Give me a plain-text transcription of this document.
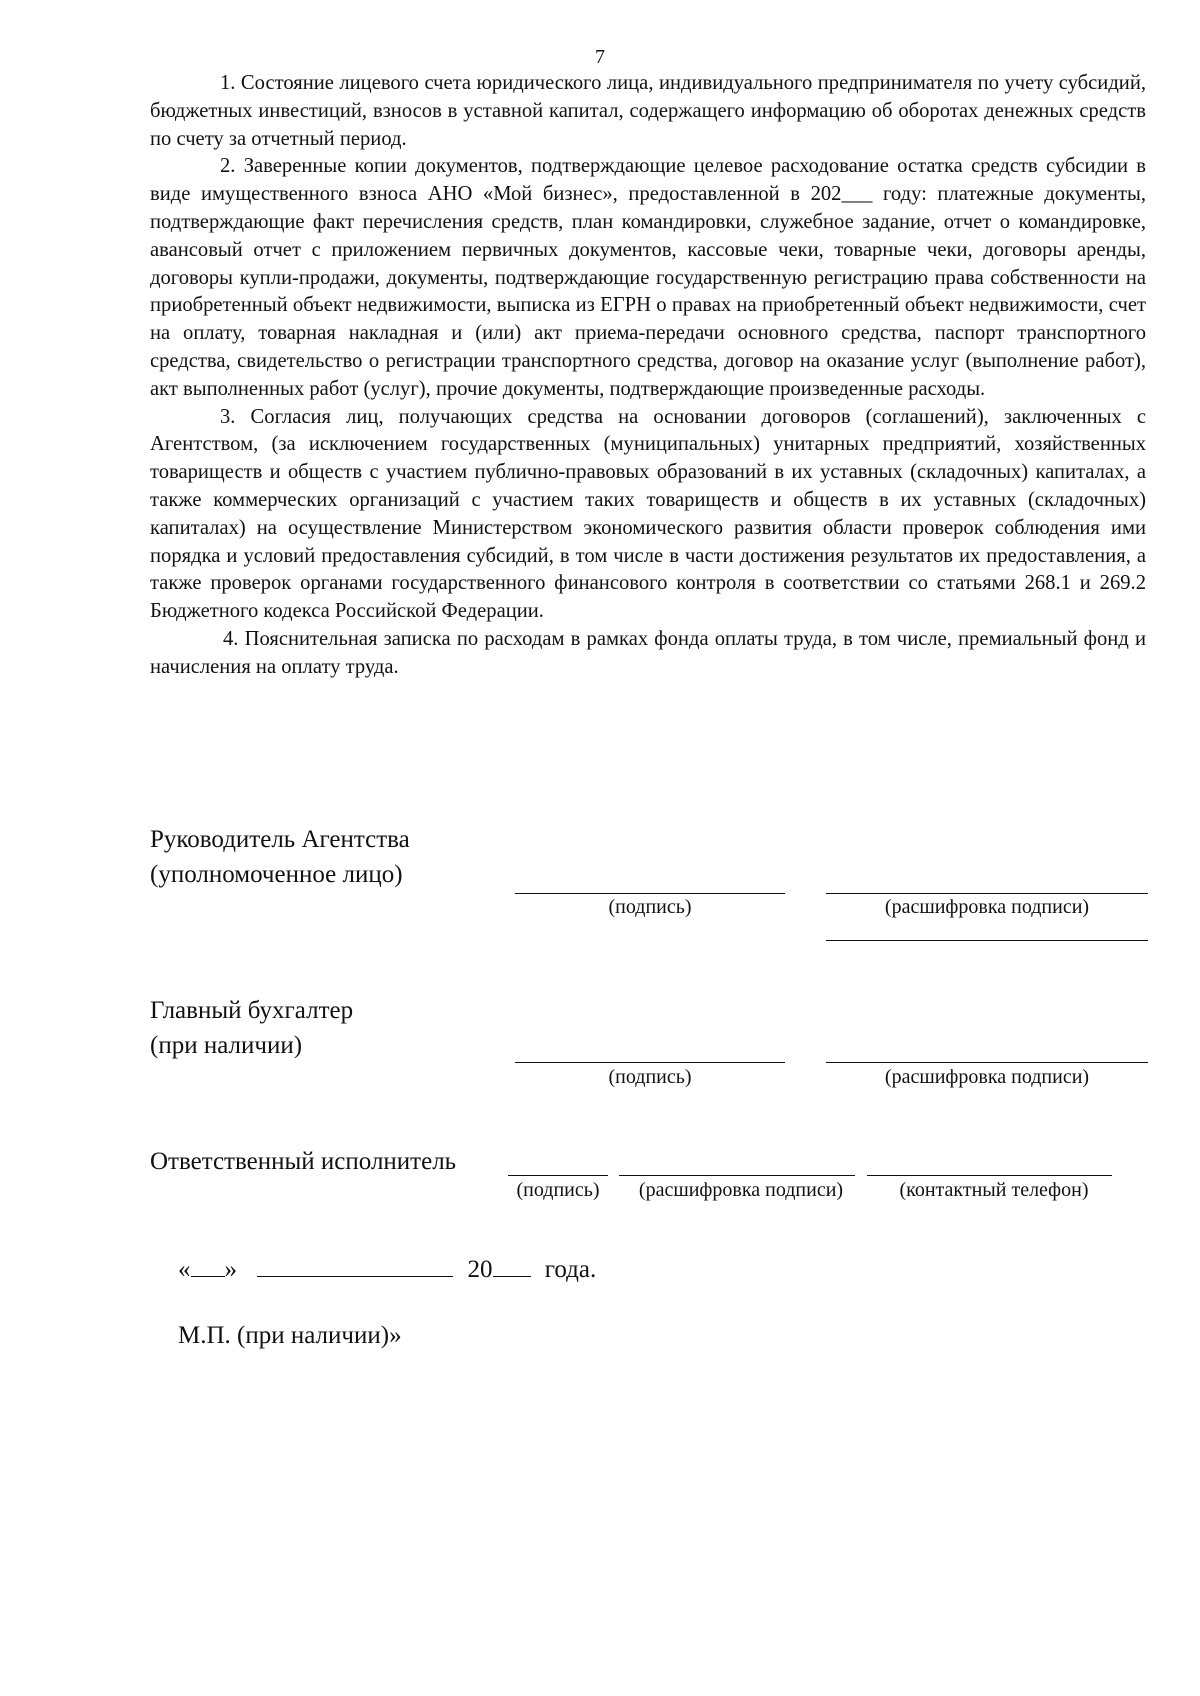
7

1. Состояние лицевого счета юридического лица, индивидуального предпринимателя по учету субсидий, бюджетных инвестиций, взносов в уставной капитал, содержащего информацию об оборотах денежных средств по счету за отчетный период.

2. Заверенные копии документов, подтверждающие целевое расходование остатка средств субсидии в виде имущественного взноса АНО «Мой бизнес», предоставленной в 202___ году: платежные документы, подтверждающие факт перечисления средств, план командировки, служебное задание, отчет о командировке, авансовый отчет с приложением первичных документов, кассовые чеки, товарные чеки, договоры аренды, договоры купли-продажи, документы, подтверждающие государственную регистрацию права собственности на приобретенный объект недвижимости, выписка из ЕГРН о правах на приобретенный объект недвижимости, счет на оплату, товарная накладная и (или) акт приема-передачи основного средства, паспорт транспортного средства, свидетельство о регистрации транспортного средства, договор на оказание услуг (выполнение работ), акт выполненных работ (услуг), прочие документы, подтверждающие произведенные расходы.

3. Согласия лиц, получающих средства на основании договоров (соглашений), заключенных с Агентством, (за исключением государственных (муниципальных) унитарных предприятий, хозяйственных товариществ и обществ с участием публично-правовых образований в их уставных (складочных) капиталах, а также коммерческих организаций с участием таких товариществ и обществ в их уставных (складочных) капиталах) на осуществление Министерством экономического развития области проверок соблюдения ими порядка и условий предоставления субсидий, в том числе в части достижения результатов их предоставления, а также проверок органами государственного финансового контроля в соответствии со статьями 268.1 и 269.2 Бюджетного кодекса Российской Федерации.

4. Пояснительная записка по расходам в рамках фонда оплаты труда, в том числе, премиальный фонд и начисления на оплату труда.

Руководитель Агентства
(уполномоченное лицо)
(подпись)	(расшифровка подписи)
Главный бухгалтер
(при наличии)
(подпись)	(расшифровка подписи)
Ответственный исполнитель
(подпись)	(расшифровка подписи)	(контактный телефон)
« »	20 года.
М.П. (при наличии)»
